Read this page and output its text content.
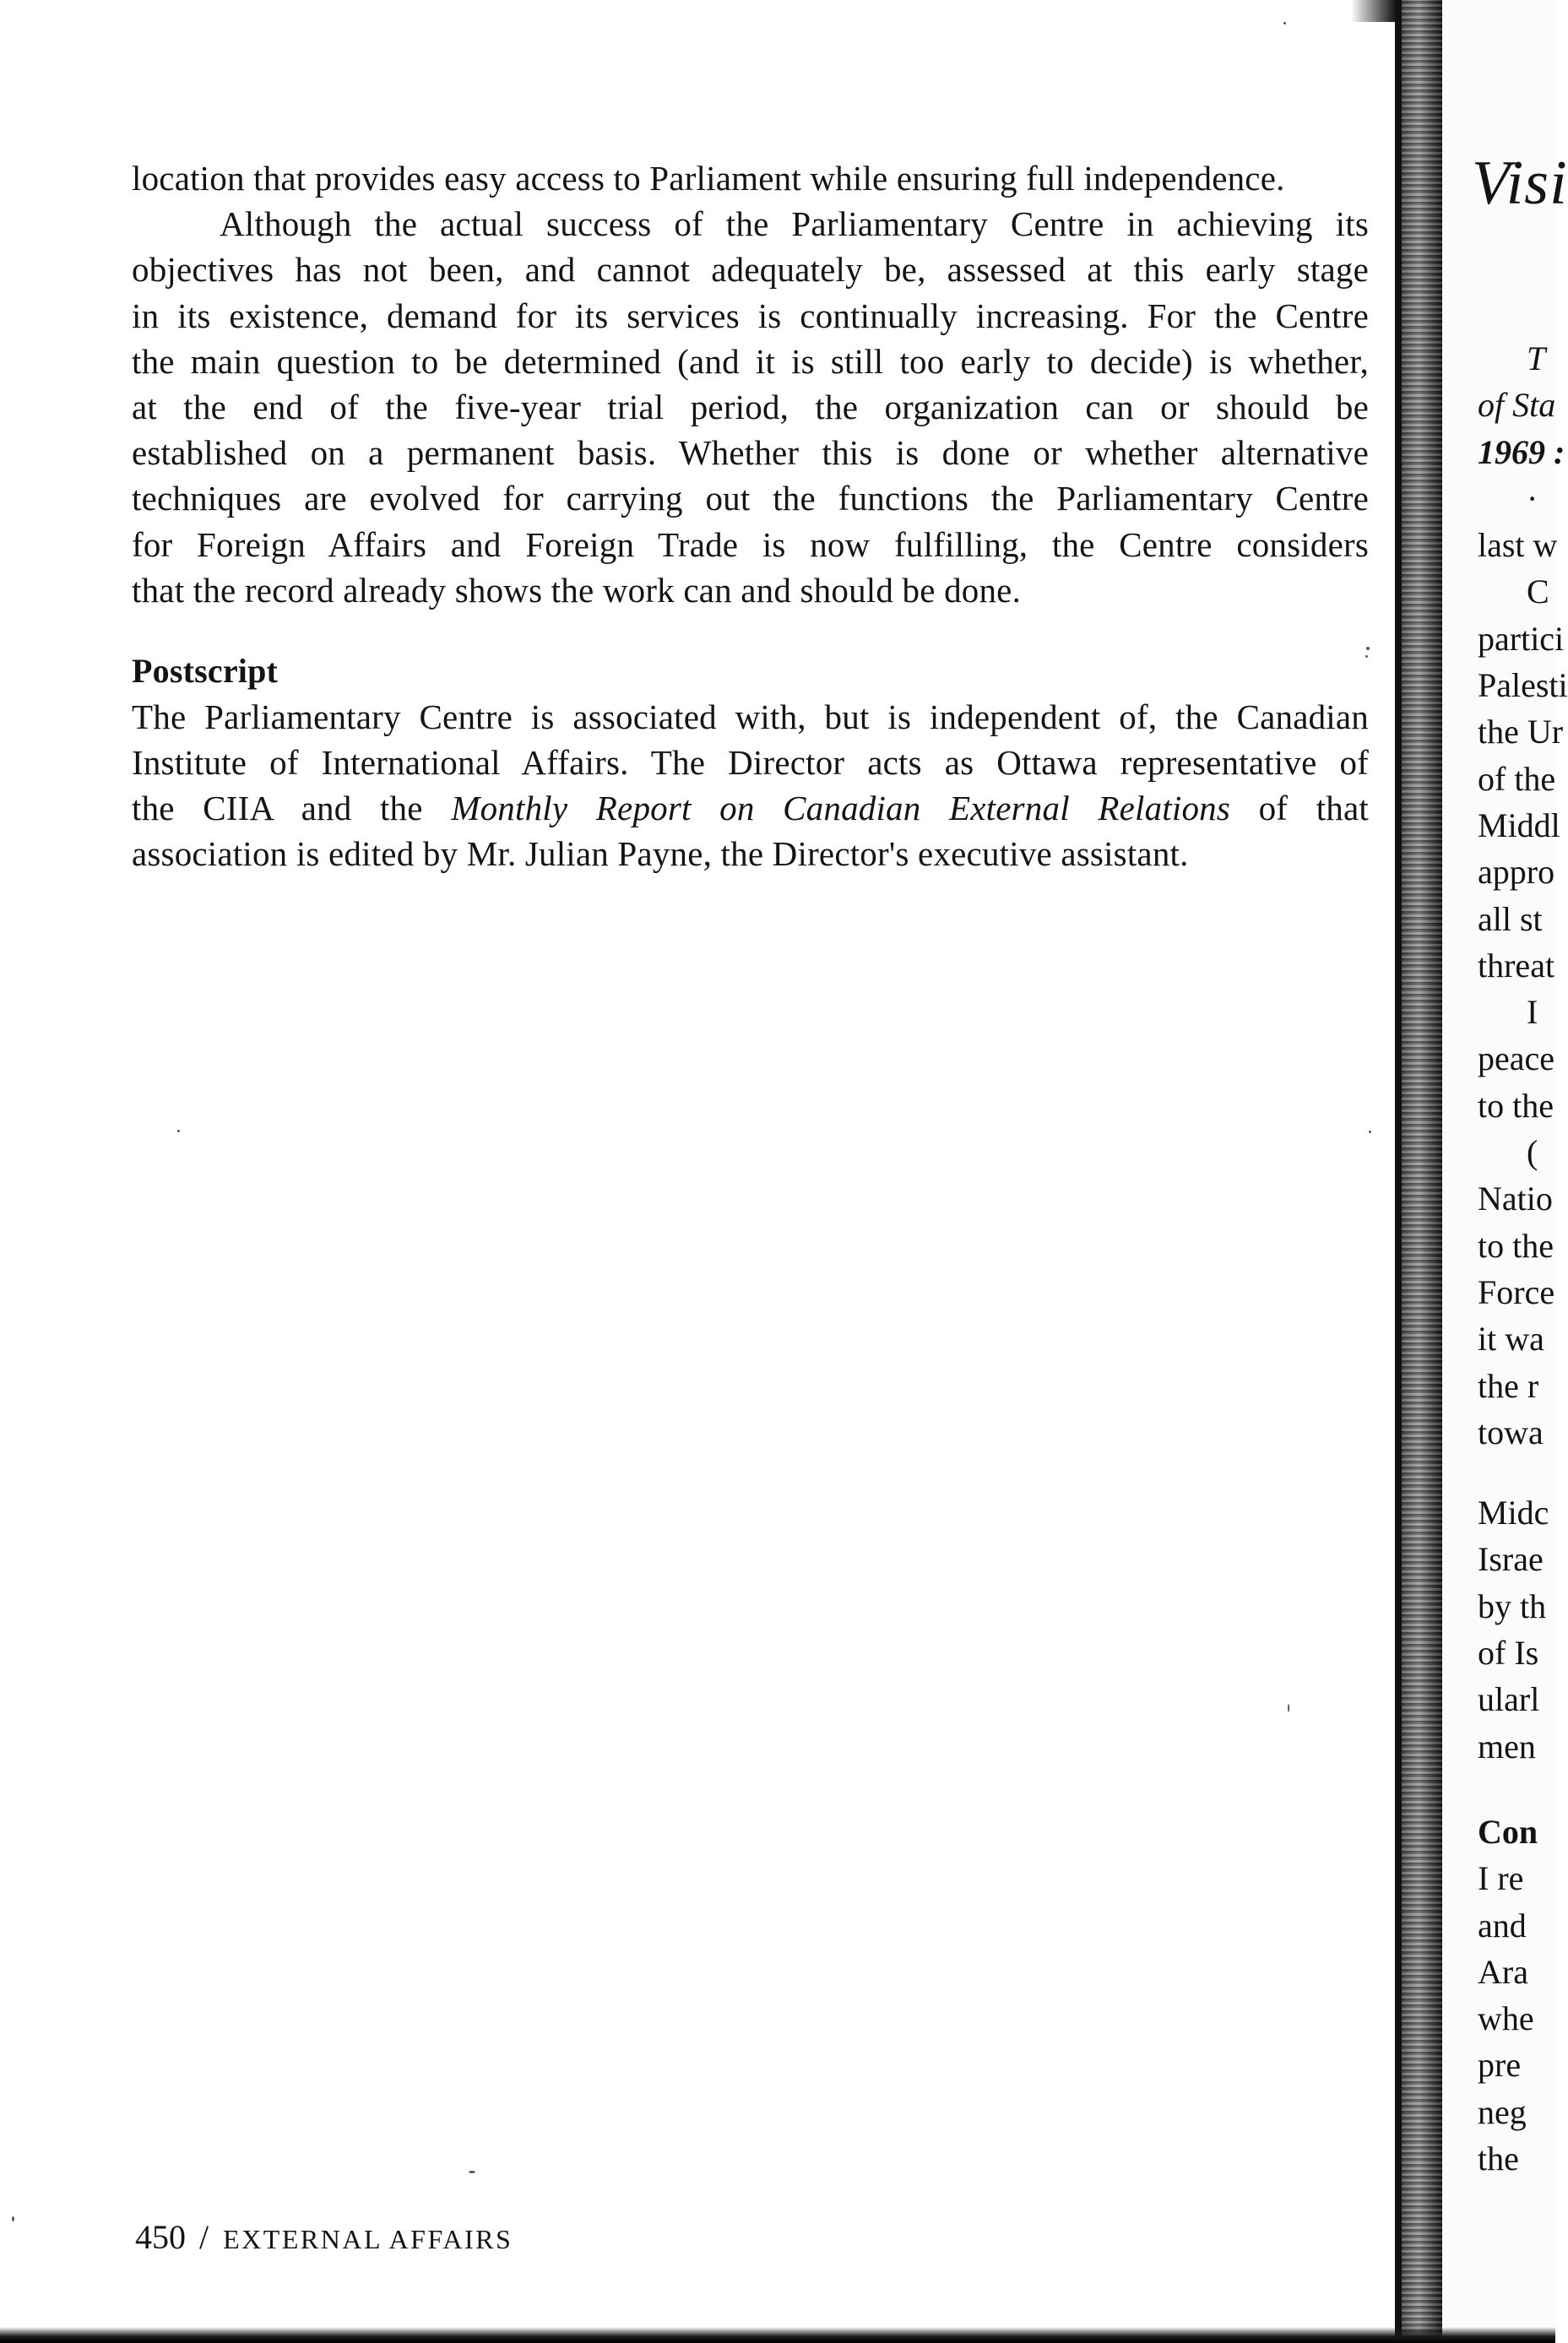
location that provides easy access to Parliament while ensuring full independence.
Although the actual success of the Parliamentary Centre in achieving its
objectives has not been, and cannot adequately be, assessed at this early stage
in its existence, demand for its services is continually increasing. For the Centre
the main question to be determined (and it is still too early to decide) is whether,
at the end of the five-year trial period, the organization can or should be
established on a permanent basis. Whether this is done or whether alternative
techniques are evolved for carrying out the functions the Parliamentary Centre
for Foreign Affairs and Foreign Trade is now fulfilling, the Centre considers
that the record already shows the work can and should be done.
Postscript
The Parliamentary Centre is associated with, but is independent of, the Canadian
Institute of International Affairs. The Director acts as Ottawa representative of
the CIIA and the Monthly Report on Canadian External Relations of that
association is edited by Mr. Julian Payne, the Director's executive assistant.
450 / EXTERNAL AFFAIRS
Visi
T
of Sta
1969 :
·
last w
C
partici
Palesti
the Ur
of the
Middl
appro
all st
threat
I
peace
to the
(
Natio
to the
Force
it wa
the r
towa
Midc
Israe
by th
of Is
ularl
men
Con
I re
and
Ara
whe
pre
neg
the
